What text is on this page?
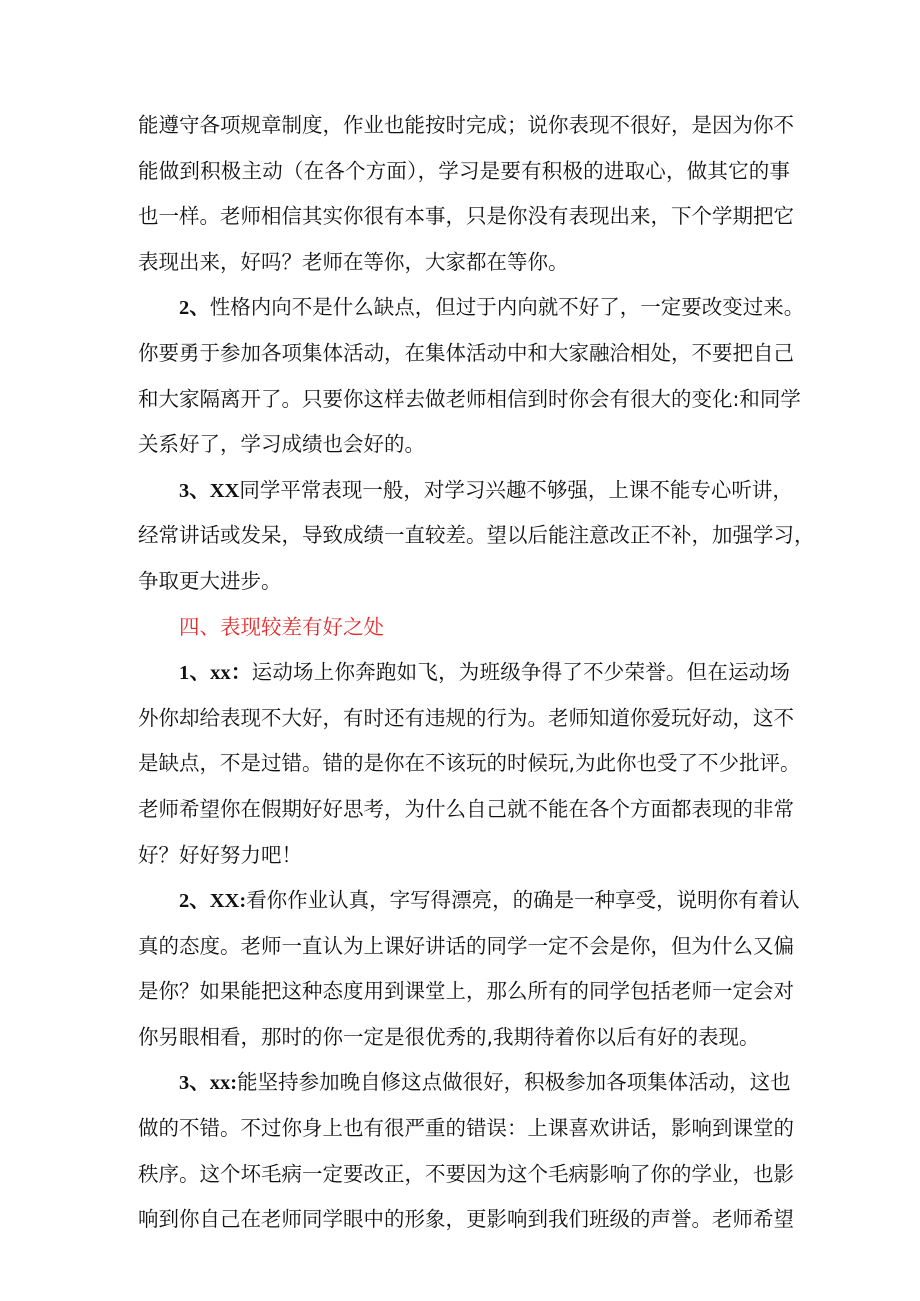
能遵守各项规章制度，作业也能按时完成；说你表现不很好，是因为你不
能做到积极主动（在各个方面），学习是要有积极的进取心，做其它的事
也一样。老师相信其实你很有本事，只是你没有表现出来，下个学期把它
表现出来，好吗？老师在等你，大家都在等你。
2、性格内向不是什么缺点，但过于内向就不好了，一定要改变过来。
你要勇于参加各项集体活动，在集体活动中和大家融洽相处，不要把自己
和大家隔离开了。只要你这样去做老师相信到时你会有很大的变化:和同学
关系好了，学习成绩也会好的。
3、XX同学平常表现一般，对学习兴趣不够强，上课不能专心听讲，
经常讲话或发呆，导致成绩一直较差。望以后能注意改正不补，加强学习，
争取更大进步。
四、表现较差有好之处
1、xx：运动场上你奔跑如飞，为班级争得了不少荣誉。但在运动场
外你却给表现不大好，有时还有违规的行为。老师知道你爱玩好动，这不
是缺点，不是过错。错的是你在不该玩的时候玩,为此你也受了不少批评。
老师希望你在假期好好思考，为什么自己就不能在各个方面都表现的非常
好？好好努力吧！
2、XX:看你作业认真，字写得漂亮，的确是一种享受，说明你有着认
真的态度。老师一直认为上课好讲话的同学一定不会是你，但为什么又偏
是你？如果能把这种态度用到课堂上，那么所有的同学包括老师一定会对
你另眼相看，那时的你一定是很优秀的,我期待着你以后有好的表现。
3、xx:能坚持参加晚自修这点做很好，积极参加各项集体活动，这也
做的不错。不过你身上也有很严重的错误：上课喜欢讲话，影响到课堂的
秩序。这个坏毛病一定要改正，不要因为这个毛病影响了你的学业，也影
响到你自己在老师同学眼中的形象，更影响到我们班级的声誉。老师希望
